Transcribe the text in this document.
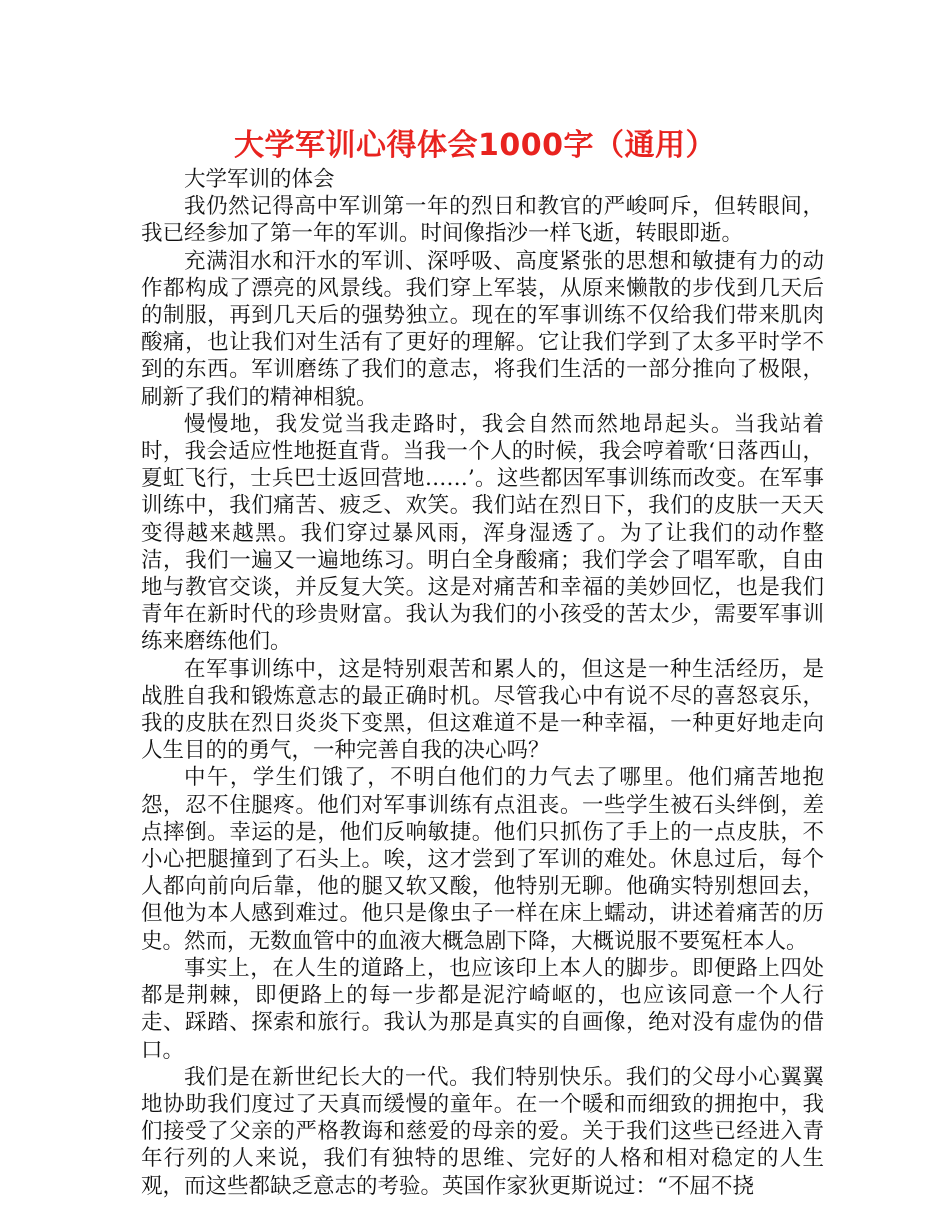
大学军训心得体会1000字（通用）

大学军训的体会

我仍然记得高中军训第一年的烈日和教官的严峻呵斥，但转眼间，我已经参加了第一年的军训。时间像指沙一样飞逝，转眼即逝。

充满泪水和汗水的军训、深呼吸、高度紧张的思想和敏捷有力的动作都构成了漂亮的风景线。我们穿上军装，从原来懒散的步伐到几天后的制服，再到几天后的强势独立。现在的军事训练不仅给我们带来肌肉酸痛，也让我们对生活有了更好的理解。它让我们学到了太多平时学不到的东西。军训磨练了我们的意志，将我们生活的一部分推向了极限，刷新了我们的精神相貌。

慢慢地，我发觉当我走路时，我会自然而然地昂起头。当我站着时，我会适应性地挺直背。当我一个人的时候，我会哼着歌‘日落西山，夏虹飞行，士兵巴士返回营地……’。这些都因军事训练而改变。在军事训练中，我们痛苦、疲乏、欢笑。我们站在烈日下，我们的皮肤一天天变得越来越黑。我们穿过暴风雨，浑身湿透了。为了让我们的动作整洁，我们一遍又一遍地练习。明白全身酸痛；我们学会了唱军歌，自由地与教官交谈，并反复大笑。这是对痛苦和幸福的美妙回忆，也是我们青年在新时代的珍贵财富。我认为我们的小孩受的苦太少，需要军事训练来磨练他们。

在军事训练中，这是特别艰苦和累人的，但这是一种生活经历，是战胜自我和锻炼意志的最正确时机。尽管我心中有说不尽的喜怒哀乐，我的皮肤在烈日炎炎下变黑，但这难道不是一种幸福，一种更好地走向人生目的的勇气，一种完善自我的决心吗？

中午，学生们饿了，不明白他们的力气去了哪里。他们痛苦地抱怨，忍不住腿疼。他们对军事训练有点沮丧。一些学生被石头绊倒，差点摔倒。幸运的是，他们反响敏捷。他们只抓伤了手上的一点皮肤，不小心把腿撞到了石头上。唉，这才尝到了军训的难处。休息过后，每个人都向前向后靠，他的腿又软又酸，他特别无聊。他确实特别想回去，但他为本人感到难过。他只是像虫子一样在床上蠕动，讲述着痛苦的历史。然而，无数血管中的血液大概急剧下降，大概说服不要冤枉本人。

事实上，在人生的道路上，也应该印上本人的脚步。即便路上四处都是荆棘，即便路上的每一步都是泥泞崎岖的，也应该同意一个人行走、踩踏、探索和旅行。我认为那是真实的自画像，绝对没有虚伪的借口。

我们是在新世纪长大的一代。我们特别快乐。我们的父母小心翼翼地协助我们度过了天真而缓慢的童年。在一个暖和而细致的拥抱中，我们接受了父亲的严格教诲和慈爱的母亲的爱。关于我们这些已经进入青年行列的人来说，我们有独特的思维、完好的人格和相对稳定的人生观，而这些都缺乏意志的考验。英国作家狄更斯说过：“不屈不挠
